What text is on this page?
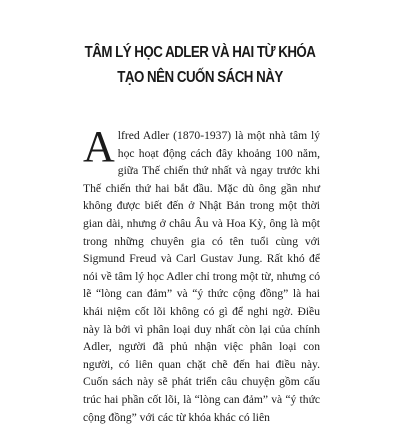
TÂM LÝ HỌC ADLER VÀ HAI TỪ KHÓA
TẠO NÊN CUỐN SÁCH NÀY

Alfred Adler (1870-1937) là một nhà tâm lý học hoạt động cách đây khoảng 100 năm, giữa Thế chiến thứ nhất và ngay trước khi Thế chiến thứ hai bắt đầu. Mặc dù ông gần như không được biết đến ở Nhật Bản trong một thời gian dài, nhưng ở châu Âu và Hoa Kỳ, ông là một trong những chuyên gia có tên tuổi cùng với Sigmund Freud và Carl Gustav Jung. Rất khó để nói về tâm lý học Adler chỉ trong một từ, nhưng có lẽ “lòng can đảm” và “ý thức cộng đồng” là hai khái niệm cốt lõi không có gì để nghi ngờ. Điều này là bởi vì phân loại duy nhất còn lại của chính Adler, người đã phủ nhận việc phân loại con người, có liên quan chặt chẽ đến hai điều này. Cuốn sách này sẽ phát triển câu chuyện gồm cấu trúc hai phần cốt lõi, là “lòng can đảm” và “ý thức cộng đồng” với các từ khóa khác có liên
